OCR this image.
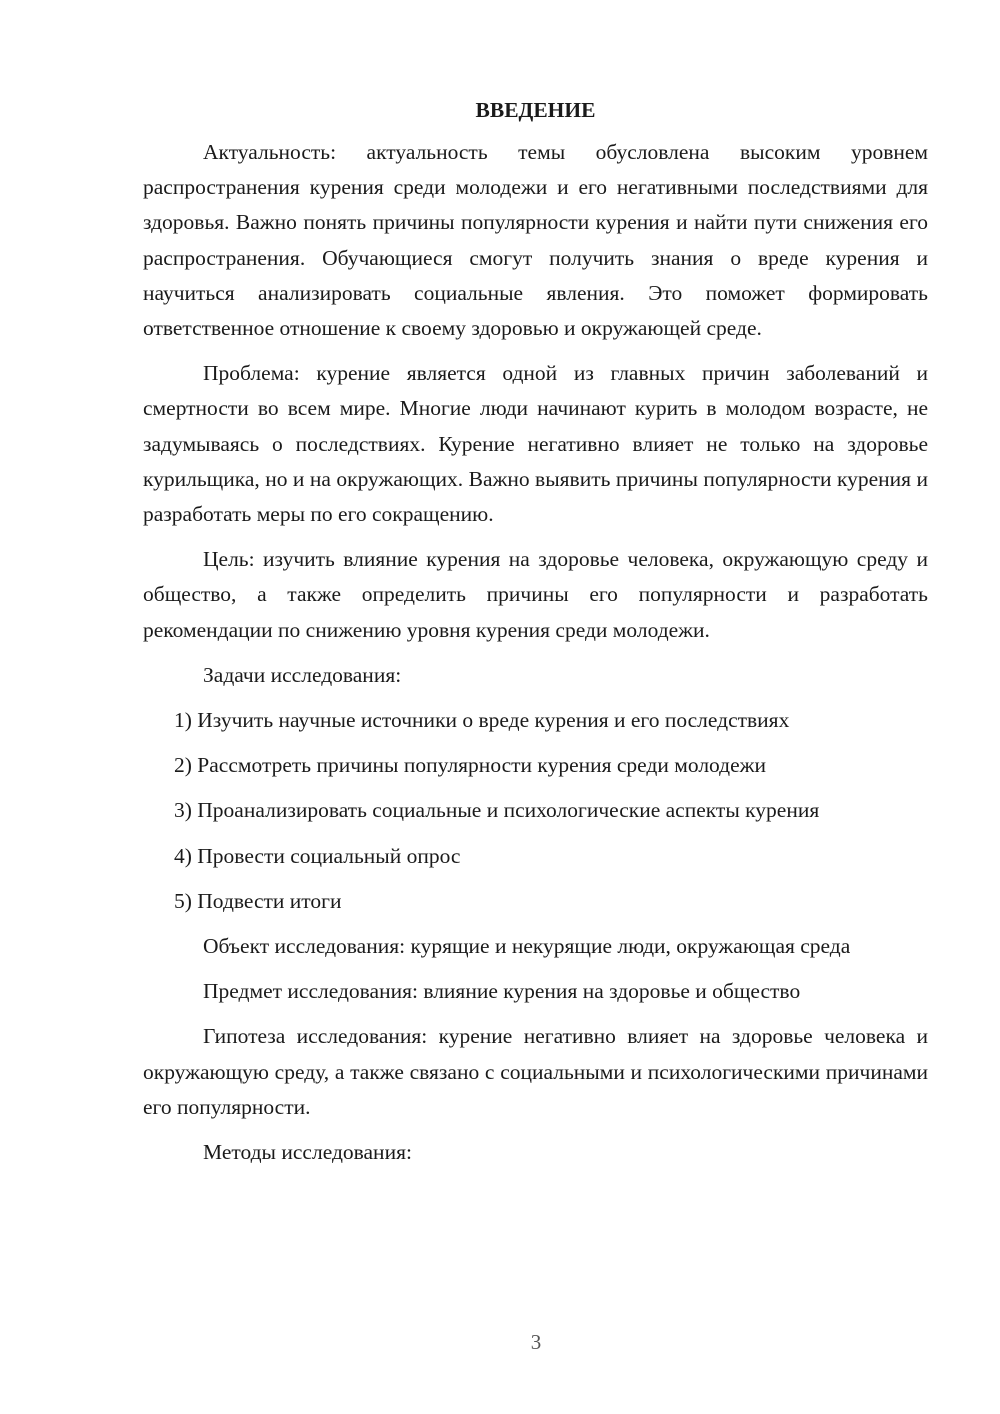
ВВЕДЕНИЕ

Актуальность: актуальность темы обусловлена высоким уровнем распространения курения среди молодежи и его негативными последствиями для здоровья. Важно понять причины популярности курения и найти пути снижения его распространения. Обучающиеся смогут получить знания о вреде курения и научиться анализировать социальные явления. Это поможет формировать ответственное отношение к своему здоровью и окружающей среде.

Проблема: курение является одной из главных причин заболеваний и смертности во всем мире. Многие люди начинают курить в молодом возрасте, не задумываясь о последствиях. Курение негативно влияет не только на здоровье курильщика, но и на окружающих. Важно выявить причины популярности курения и разработать меры по его сокращению.

Цель: изучить влияние курения на здоровье человека, окружающую среду и общество, а также определить причины его популярности и разработать рекомендации по снижению уровня курения среди молодежи.

Задачи исследования:

1) Изучить научные источники о вреде курения и его последствиях
2) Рассмотреть причины популярности курения среди молодежи
3) Проанализировать социальные и психологические аспекты курения
4) Провести социальный опрос
5) Подвести итоги

Объект исследования: курящие и некурящие люди, окружающая среда

Предмет исследования: влияние курения на здоровье и общество

Гипотеза исследования: курение негативно влияет на здоровье человека и окружающую среду, а также связано с социальными и психологическими причинами его популярности.

Методы исследования:

3
